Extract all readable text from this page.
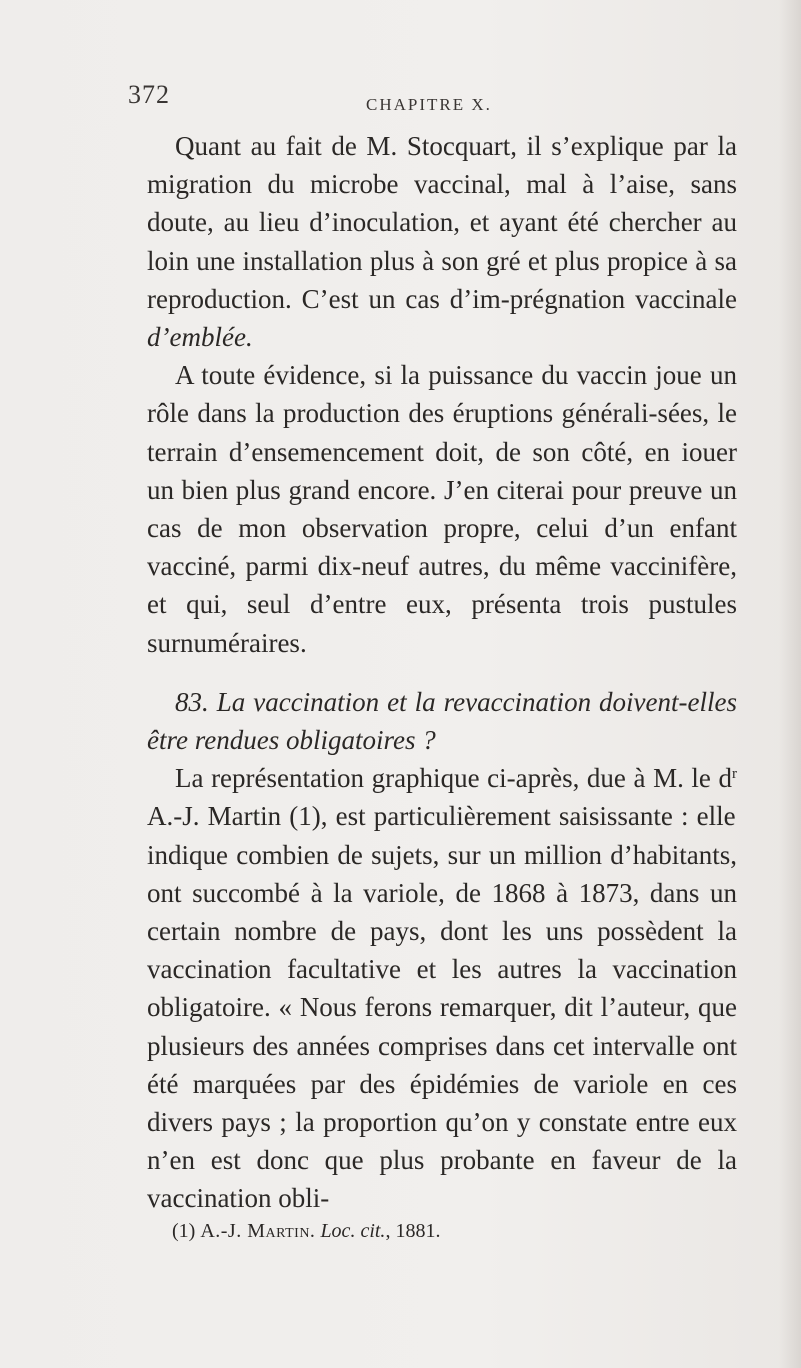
372	CHAPITRE X.

Quant au fait de M. Stocquart, il s’explique par la migration du microbe vaccinal, mal à l’aise, sans doute, au lieu d’inoculation, et ayant été chercher au loin une installation plus à son gré et plus propice à sa reproduction. C’est un cas d’im-prégnation vaccinale d’emblée.

A toute évidence, si la puissance du vaccin joue un rôle dans la production des éruptions générali-sées, le terrain d’ensemencement doit, de son côté, en iouer un bien plus grand encore. J’en citerai pour preuve un cas de mon observation propre, celui d’un enfant vacciné, parmi dix-neuf autres, du même vaccinifère, et qui, seul d’entre eux, présenta trois pustules surnuméraires.

83. La vaccination et la revaccination doivent-elles être rendues obligatoires ?

La représentation graphique ci-après, due à M. le $d^r$ A.-J. Martin (1), est particulièrement saisissante : elle indique combien de sujets, sur un million d’habitants, ont succombé à la variole, de 1868 à 1873, dans un certain nombre de pays, dont les uns possèdent la vaccination facultative et les autres la vaccination obligatoire. « Nous ferons remarquer, dit l’auteur, que plusieurs des années comprises dans cet intervalle ont été marquées par des épidémies de variole en ces divers pays ; la proportion qu’on y constate entre eux n’en est donc que plus probante en faveur de la vaccination obli-

(1) A.-J. Martin. Loc. cit., 1881.
